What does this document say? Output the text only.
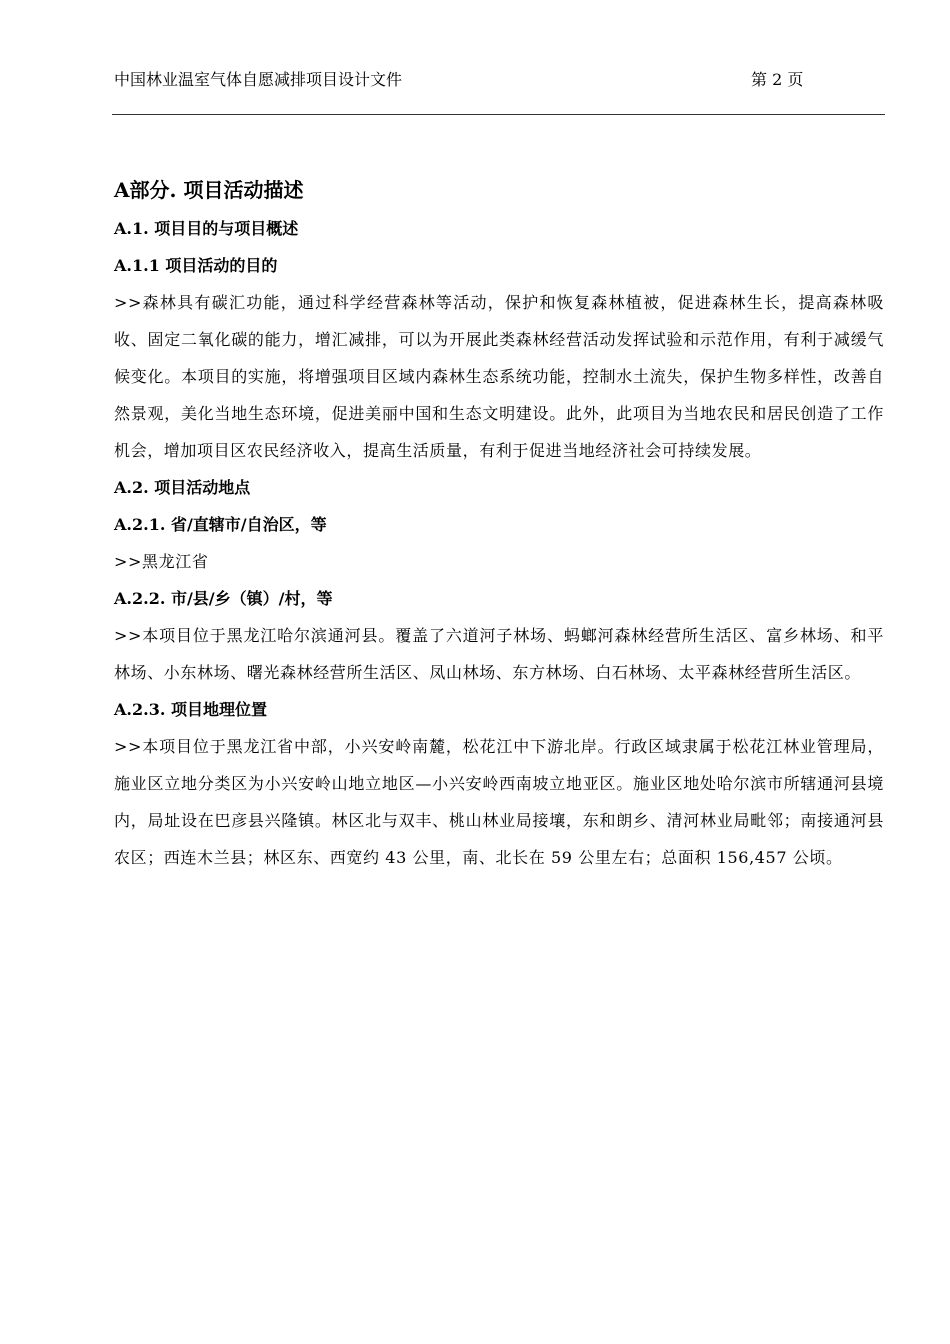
中国林业温室气体自愿减排项目设计文件	第 2 页

A部分. 项目活动描述

A.1. 项目目的与项目概述

A.1.1 项目活动的目的

>>森林具有碳汇功能，通过科学经营森林等活动，保护和恢复森林植被，促进森林生长，提高森林吸收、固定二氧化碳的能力，增汇减排，可以为开展此类森林经营活动发挥试验和示范作用，有利于减缓气候变化。本项目的实施，将增强项目区域内森林生态系统功能，控制水土流失，保护生物多样性，改善自然景观，美化当地生态环境，促进美丽中国和生态文明建设。此外，此项目为当地农民和居民创造了工作机会，增加项目区农民经济收入，提高生活质量，有利于促进当地经济社会可持续发展。

A.2. 项目活动地点

A.2.1. 省/直辖市/自治区，等

>>黑龙江省

A.2.2. 市/县/乡（镇）/村，等

>>本项目位于黑龙江哈尔滨通河县。覆盖了六道河子林场、蚂螂河森林经营所生活区、富乡林场、和平林场、小东林场、曙光森林经营所生活区、凤山林场、东方林场、白石林场、太平森林经营所生活区。

A.2.3. 项目地理位置

>>本项目位于黑龙江省中部，小兴安岭南麓，松花江中下游北岸。行政区域隶属于松花江林业管理局，施业区立地分类区为小兴安岭山地立地区—小兴安岭西南坡立地亚区。施业区地处哈尔滨市所辖通河县境内，局址设在巴彦县兴隆镇。林区北与双丰、桃山林业局接壤，东和朗乡、清河林业局毗邻；南接通河县农区；西连木兰县；林区东、西宽约 43 公里，南、北长在 59 公里左右；总面积 156,457 公顷。
